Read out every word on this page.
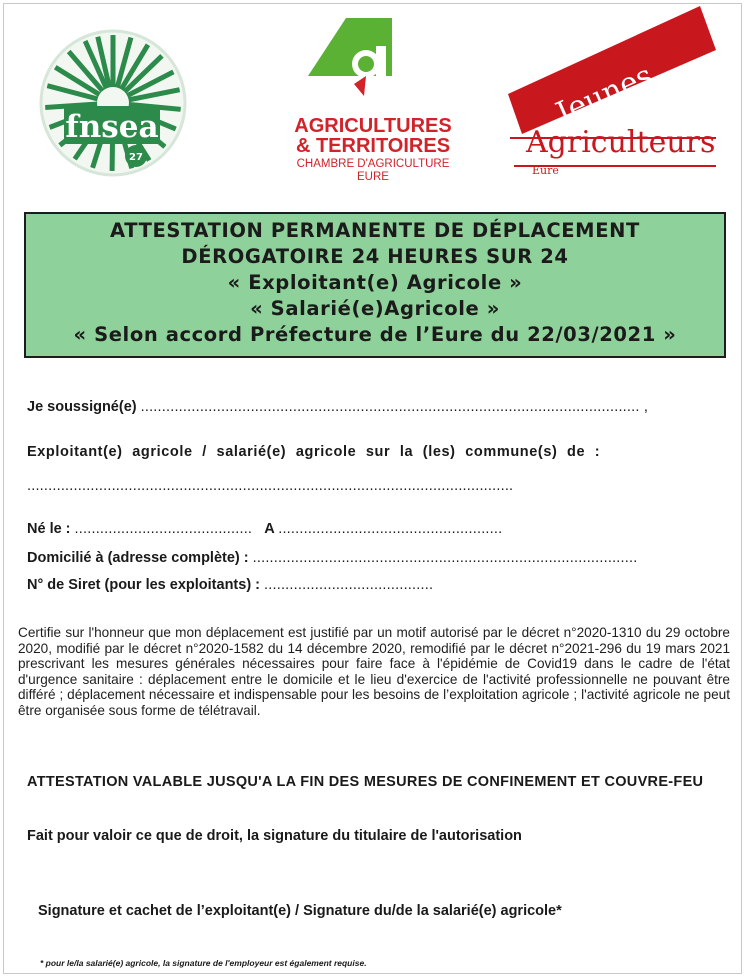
fnsea
27
AGRICULTURES
& TERRITOIRES
CHAMBRE D'AGRICULTURE
EURE
Jeunes
Agriculteurs
Eure
ATTESTATION PERMANENTE DE DÉPLACEMENT
DÉROGATOIRE 24 HEURES SUR 24
« Exploitant(e) Agricole »
« Salarié(e)Agricole »
« Selon accord Préfecture de l’Eure du 22/03/2021 »
Je soussigné(e) ...................................................................................................................... ,
Exploitant(e) agricole / salarié(e) agricole sur la (les) commune(s) de :
...................................................................................................................
Né le : .......................................... A .....................................................
Domicilié à (adresse complète) : ...........................................................................................
N° de Siret (pour les exploitants) : ........................................
Certifie sur l'honneur que mon déplacement est justifié par un motif autorisé par le décret n°2020-1310 du 29 octobre 2020, modifié par le décret n°2020-1582 du 14 décembre 2020, remodifié par le décret n°2021-296 du 19 mars 2021 prescrivant les mesures générales nécessaires pour faire face à l'épidémie de Covid19 dans le cadre de l'état d'urgence sanitaire : déplacement entre le domicile et le lieu d'exercice de l'activité professionnelle ne pouvant être différé ; déplacement nécessaire et indispensable pour les besoins de l’exploitation agricole ; l'activité agricole ne peut être organisée sous forme de télétravail.
ATTESTATION VALABLE JUSQU'A LA FIN DES MESURES DE CONFINEMENT ET COUVRE-FEU
Fait pour valoir ce que de droit, la signature du titulaire de l'autorisation
Signature et cachet de l’exploitant(e) / Signature du/de la salarié(e) agricole*
* pour le/la salarié(e) agricole, la signature de l'employeur est également requise.
